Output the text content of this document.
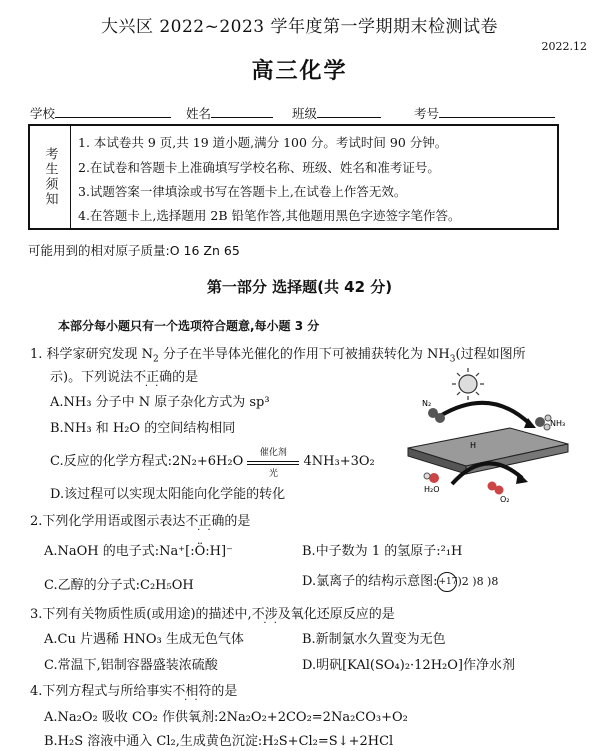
大兴区 2022~2023 学年度第一学期期末检测试卷
2022.12
高三化学
学校	姓名	班级	考号
考生须知
1. 本试卷共 9 页,共 19 道小题,满分 100 分。考试时间 90 分钟。
2.在试卷和答题卡上准确填写学校名称、班级、姓名和准考证号。
3.试题答案一律填涂或书写在答题卡上,在试卷上作答无效。
4.在答题卡上,选择题用 2B 铅笔作答,其他题用黑色字迹签字笔作答。
可能用到的相对原子质量:O 16 Zn 65
第一部分 选择题(共 42 分)
本部分每小题只有一个选项符合题意,每小题 3 分
1. 科学家研究发现 $N_2$ 分子在半导体光催化的作用下可被捕获转化为 $NH_3$(过程如图所
示)。下列说法不正确 · ·的是
A.NH₃ 分子中 N 原子杂化方式为 sp³
B.NH₃ 和 H₂O 的空间结构相同
C.反应的化学方程式:2N₂+6H₂O
催化剂
光
4NH₃+3O₂
D.该过程可以实现太阳能向化学能的转化
N₂
NH₃
H
H₂O
O₂
2.下列化学用语或图示表达不正确 · ·的是
A.NaOH 的电子式:Na⁺[:Ö:H]⁻	B.中子数为 1 的氢原子:²₁H
C.乙醇的分子式:C₂H₅OH	D.氯离子的结构示意图:+17)2 )8 )8
3.下列有关物质性质(或用途)的描述中,不涉及 · ·氧化还原反应的是
A.Cu 片遇稀 HNO₃ 生成无色气体	B.新制氯水久置变为无色
C.常温下,铝制容器盛装浓硫酸	D.明矾[KAl(SO₄)₂·12H₂O]作净水剂
4.下列方程式与所给事实不相符 · ·的是
A.Na₂O₂ 吸收 CO₂ 作供氧剂:2Na₂O₂+2CO₂=2Na₂CO₃+O₂
B.H₂S 溶液中通入 Cl₂,生成黄色沉淀:H₂S+Cl₂=S↓+2HCl
